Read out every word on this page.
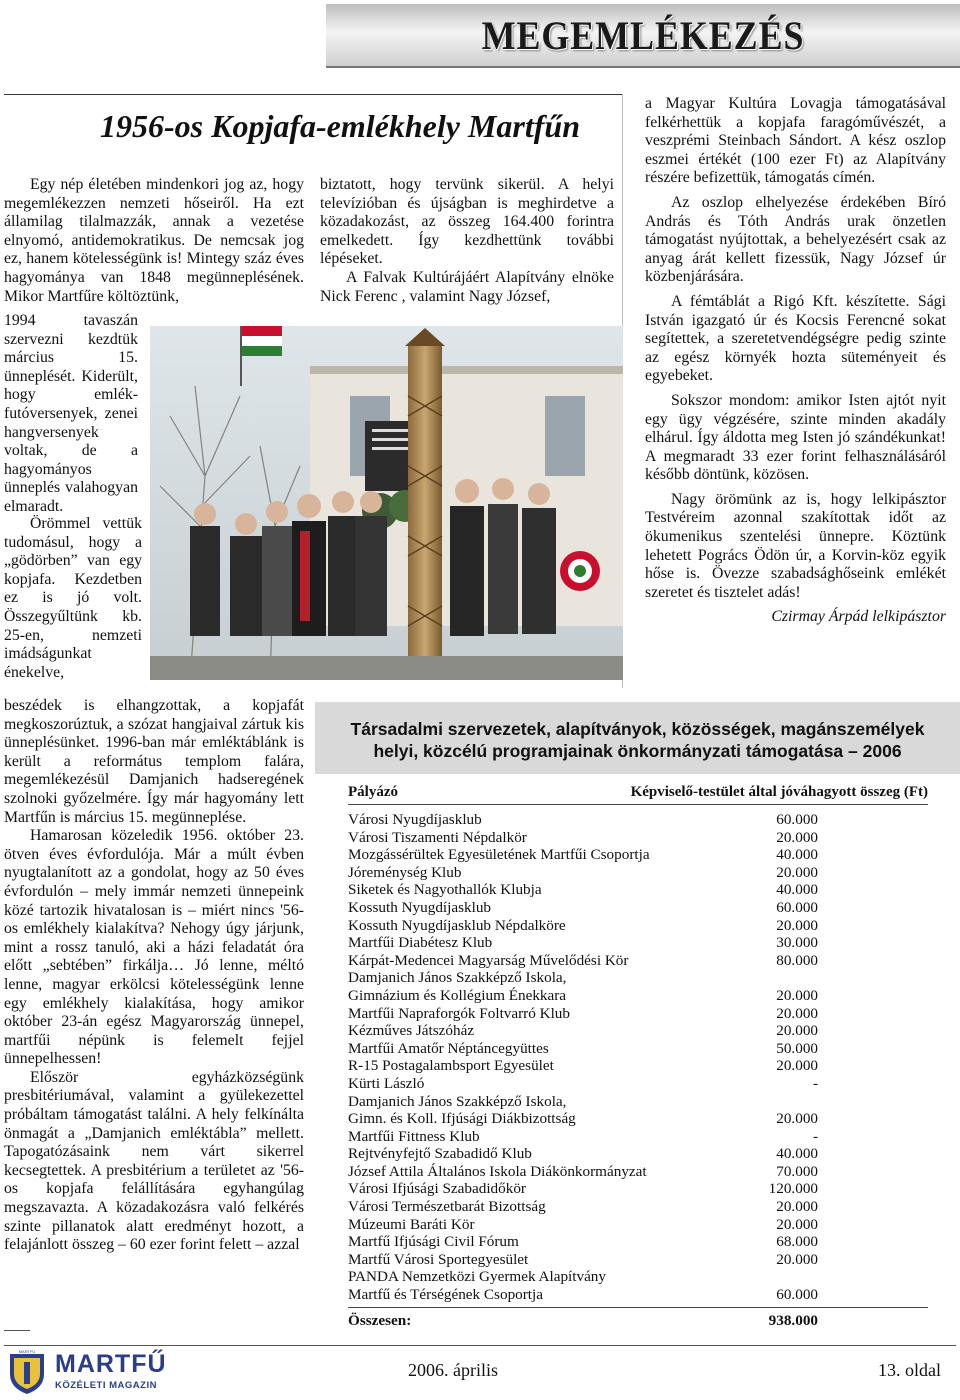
MEGEMLÉKEZÉS
1956-os Kopjafa-emlékhely Martfűn

Egy nép életében mindenkori jog az, hogy megemlékezzen nemzeti hőseiről. Ha ezt államilag tilalmazzák, annak a vezetése elnyomó, antidemokratikus. De nemcsak jog ez, hanem kötelességünk is! Mintegy száz éves hagyománya van 1848 megünneplésének. Mikor Martfűre költöztünk,

1994 tavaszán szervezni kezdtük március 15. ünneplését. Kiderült, hogy emlék-futóversenyek, zenei hangversenyek voltak, de a hagyományos ünneplés valahogyan elmaradt.

Örömmel vettük tudomásul, hogy a „gödörben” van egy kopjafa. Kezdetben ez is jó volt. Összegyűltünk kb. 25-en, nemzeti imádságunkat énekelve,

beszédek is elhangzottak, a kopjafát megkoszorúztuk, a szózat hangjaival zártuk kis ünneplésünket. 1996-ban már emléktáblánk is került a református templom falára, megemlékezésül Damjanich hadseregének szolnoki győzelmére. Így már hagyomány lett Martfűn is március 15. megünneplése.

Hamarosan közeledik 1956. október 23. ötven éves évfordulója. Már a múlt évben nyugtalanított az a gondolat, hogy az 50 éves évfordulón – mely immár nemzeti ünnepeink közé tartozik hivatalosan is – miért nincs '56-os emlékhely kialakítva? Nehogy úgy járjunk, mint a rossz tanuló, aki a házi feladatát óra előtt „sebtében” firkálja… Jó lenne, méltó lenne, magyar erkölcsi kötelességünk lenne egy emlékhely kialakítása, hogy amikor október 23-án egész Magyarország ünnepel, martfűi népünk is felemelt fejjel ünnepelhessen!

Először egyházközségünk presbitériumával, valamint a gyülekezettel próbáltam támogatást találni. A hely felkínálta önmagát a „Damjanich emléktábla” mellett. Tapogatózásaink nem várt sikerrel kecsegtettek. A presbitérium a területet az '56-os kopjafa felállítására egyhangúlag megszavazta. A közadakozásra való felkérés szinte pillanatok alatt eredményt hozott, a felajánlott összeg – 60 ezer forint felett – azzal

biztatott, hogy tervünk sikerül. A helyi televízióban és újságban is meghirdetve a közadakozást, az összeg 164.400 forintra emelkedett. Így kezdhettünk további lépéseket.

A Falvak Kultúrájáért Alapítvány elnöke Nick Ferenc , valamint Nagy József,

a Magyar Kultúra Lovagja támogatásával felkérhettük a kopjafa faragóművészét, a veszprémi Steinbach Sándort. A kész oszlop eszmei értékét (100 ezer Ft) az Alapítvány részére befizettük, támogatás címén.

Az oszlop elhelyezése érdekében Bíró András és Tóth András urak önzetlen támogatást nyújtottak, a behelyezésért csak az anyag árát kellett fizessük, Nagy József úr közbenjárására.

A fémtáblát a Rigó Kft. készítette. Sági István igazgató úr és Kocsis Ferencné sokat segítettek, a szeretetvendégségre pedig szinte az egész környék hozta süteményeit és egyebeket.

Sokszor mondom: amikor Isten ajtót nyit egy ügy végzésére, szinte minden akadály elhárul. Így áldotta meg Isten jó szándékunkat! A megmaradt 33 ezer forint felhasználásáról később döntünk, közösen.

Nagy örömünk az is, hogy lelkipásztor Testvéreim azonnal szakítottak időt az ökumenikus szentelési ünnepre. Köztünk lehetett Pogrács Ödön úr, a Korvin-köz egyik hőse is. Övezze szabadsághőseink emlékét szeretet és tisztelet adás!

Czirmay Árpád lelkipásztor

Társadalmi szervezetek, alapítványok, közösségek, magánszemélyek
helyi, közcélú programjainak önkormányzati támogatása – 2006
Pályázó	Képviselő-testület által jóváhagyott összeg (Ft)
Városi Nyugdíjasklub	60.000
Városi Tiszamenti Népdalkör	20.000
Mozgássérültek Egyesületének Martfűi Csoportja	40.000
Jóreménység Klub	20.000
Siketek és Nagyothallók Klubja	40.000
Kossuth Nyugdíjasklub	60.000
Kossuth Nyugdíjasklub Népdalköre	20.000
Martfűi Diabétesz Klub	30.000
Kárpát-Medencei Magyarság Művelődési Kör	80.000
Damjanich János Szakképző Iskola,
Gimnázium és Kollégium Énekkara	20.000
Martfűi Napraforgók Foltvarró Klub	20.000
Kézműves Játszóház	20.000
Martfűi Amatőr Néptáncegyüttes	50.000
R-15 Postagalambsport Egyesület	20.000
Kürti László	-
Damjanich János Szakképző Iskola,
Gimn. és Koll. Ifjúsági Diákbizottság	20.000
Martfűi Fittness Klub	-
Rejtvényfejtő Szabadidő Klub	40.000
József Attila Általános Iskola Diákönkormányzat	70.000
Városi Ifjúsági Szabadidőkör	120.000
Városi Természetbarát Bizottság	20.000
Múzeumi Baráti Kör	20.000
Martfű Ifjúsági Civil Fórum	68.000
Martfű Városi Sportegyesület	20.000
PANDA Nemzetközi Gyermek Alapítvány
Martfű és Térségének Csoportja	60.000
Összesen:	938.000
MARTFŰ MARTFŰ
KÖZÉLETI MAGAZIN
2006. április	13. oldal
